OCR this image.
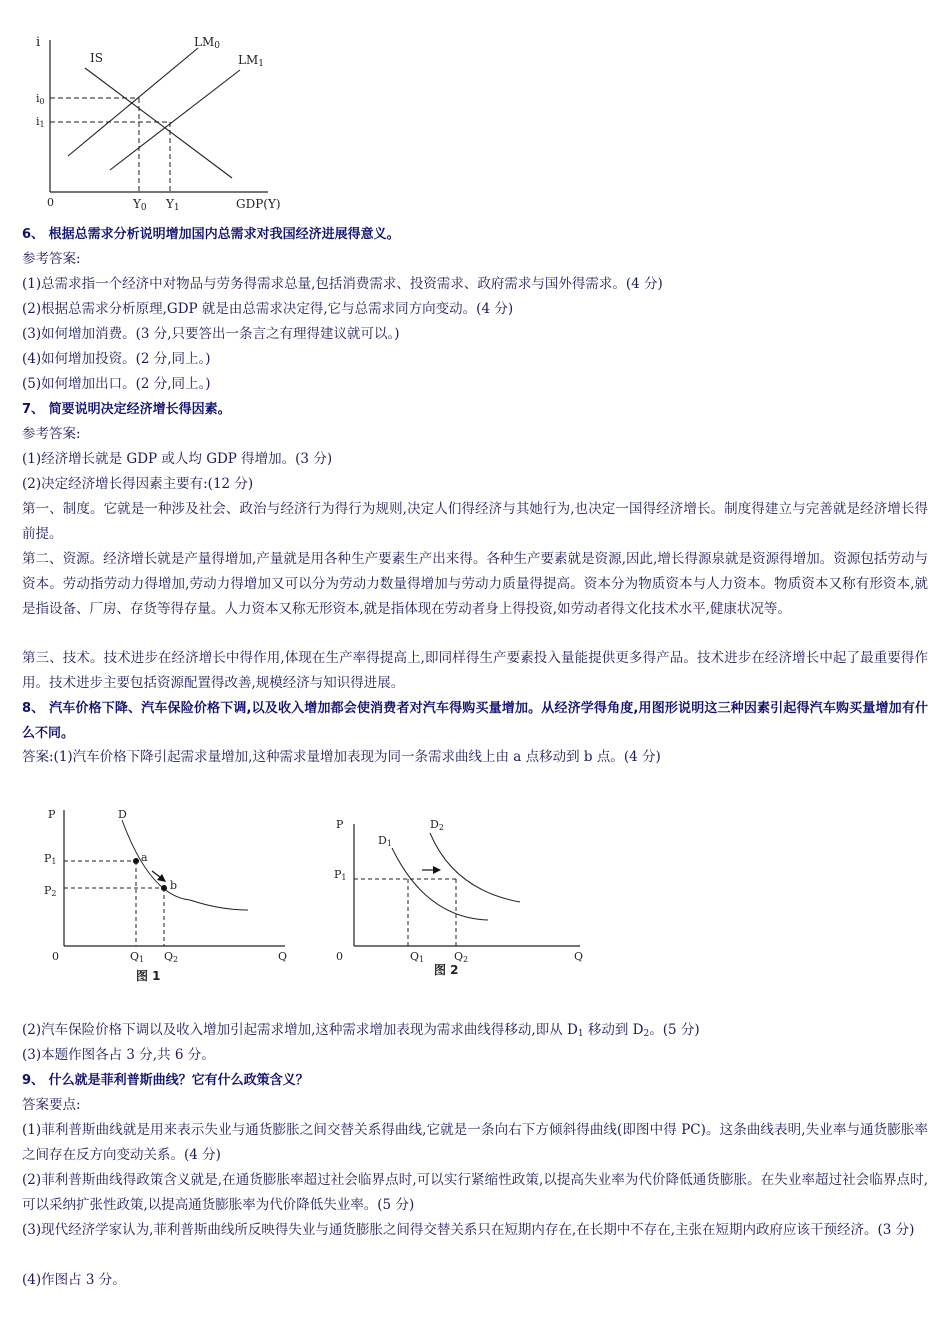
i
IS
LM0
LM1
i0
i1
0	Y0 Y1	GDP(Y)
6、 根据总需求分析说明增加国内总需求对我国经济进展得意义。
参考答案:
(1)总需求指一个经济中对物品与劳务得需求总量,包括消费需求、投资需求、政府需求与国外得需求。(4 分)
(2)根据总需求分析原理,GDP 就是由总需求决定得,它与总需求同方向变动。(4 分)
(3)如何增加消费。(3 分,只要答出一条言之有理得建议就可以。)
(4)如何增加投资。(2 分,同上。)
(5)如何增加出口。(2 分,同上。)
7、 简要说明决定经济增长得因素。
参考答案:
(1)经济增长就是 GDP 或人均 GDP 得增加。(3 分)
(2)决定经济增长得因素主要有:(12 分)
第一、制度。它就是一种涉及社会、政治与经济行为得行为规则,决定人们得经济与其她行为,也决定一国得经济增长。制度得建立与完善就是经济增长得前提。
第二、资源。经济增长就是产量得增加,产量就是用各种生产要素生产出来得。各种生产要素就是资源,因此,增长得源泉就是资源得增加。资源包括劳动与资本。劳动指劳动力得增加,劳动力得增加又可以分为劳动力数量得增加与劳动力质量得提高。资本分为物质资本与人力资本。物质资本又称有形资本,就是指设备、厂房、存货等得存量。人力资本又称无形资本,就是指体现在劳动者身上得投资,如劳动者得文化技术水平,健康状况等。
第三、技术。技术进步在经济增长中得作用,体现在生产率得提高上,即同样得生产要素投入量能提供更多得产品。技术进步在经济增长中起了最重要得作用。技术进步主要包括资源配置得改善,规模经济与知识得进展。
8、 汽车价格下降、汽车保险价格下调,以及收入增加都会使消费者对汽车得购买量增加。从经济学得角度,用图形说明这三种因素引起得汽车购买量增加有什么不同。
答案:(1)汽车价格下降引起需求量增加,这种需求量增加表现为同一条需求曲线上由 a 点移动到 b 点。(4 分)
P	D
P1
P2
a
b
0	Q1 Q2	Q
图 1
P
D1
D2
P1
0	Q1	Q2	Q
图 2
(2)汽车保险价格下调以及收入增加引起需求增加,这种需求增加表现为需求曲线得移动,即从 $D_1$ 移动到 $D_2$。(5 分)
(3)本题作图各占 3 分,共 6 分。
9、 什么就是菲利普斯曲线？它有什么政策含义？
答案要点:
(1)菲利普斯曲线就是用来表示失业与通货膨胀之间交替关系得曲线,它就是一条向右下方倾斜得曲线(即图中得 PC)。这条曲线表明,失业率与通货膨胀率之间存在反方向变动关系。(4 分)
(2)菲利普斯曲线得政策含义就是,在通货膨胀率超过社会临界点时,可以实行紧缩性政策,以提高失业率为代价降低通货膨胀。在失业率超过社会临界点时,可以采纳扩张性政策,以提高通货膨胀率为代价降低失业率。(5 分)
(3)现代经济学家认为,菲利普斯曲线所反映得失业与通货膨胀之间得交替关系只在短期内存在,在长期中不存在,主张在短期内政府应该干预经济。(3 分)
(4)作图占 3 分。
